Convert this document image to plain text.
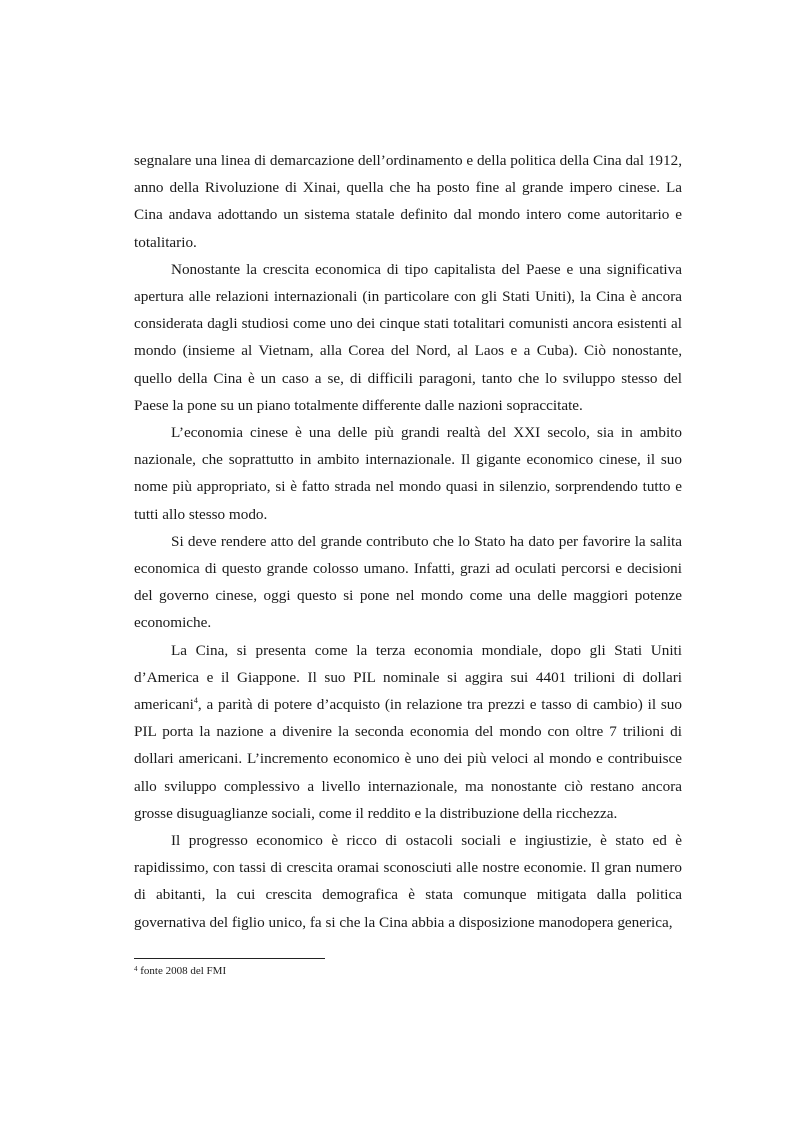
segnalare una linea di demarcazione dell’ordinamento e della politica della Cina dal 1912, anno della Rivoluzione di Xinai, quella che ha posto fine al grande impero cinese. La Cina andava adottando un sistema statale definito dal mondo intero come autoritario e totalitario.

Nonostante la crescita economica di tipo capitalista del Paese e una significativa apertura alle relazioni internazionali (in particolare con gli Stati Uniti), la Cina è ancora considerata dagli studiosi come uno dei cinque stati totalitari comunisti ancora esistenti al mondo (insieme al Vietnam, alla Corea del Nord, al Laos e a Cuba). Ciò nonostante, quello della Cina è un caso a se, di difficili paragoni, tanto che lo sviluppo stesso del Paese la pone su un piano totalmente differente dalle nazioni sopraccitate.

L’economia cinese è una delle più grandi realtà del XXI secolo, sia in ambito nazionale, che soprattutto in ambito internazionale. Il gigante economico cinese, il suo nome più appropriato, si è fatto strada nel mondo quasi in silenzio, sorprendendo tutto e tutti allo stesso modo.

Si deve rendere atto del grande contributo che lo Stato ha dato per favorire la salita economica di questo grande colosso umano. Infatti, grazi ad oculati percorsi e decisioni del governo cinese, oggi questo si pone nel mondo come una delle maggiori potenze economiche.

La Cina, si presenta come la terza economia mondiale, dopo gli Stati Uniti d’America e il Giappone. Il suo PIL nominale si aggira sui 4401 trilioni di dollari americani$^4$, a parità di potere d’acquisto (in relazione tra prezzi e tasso di cambio) il suo PIL porta la nazione a divenire la seconda economia del mondo con oltre 7 trilioni di dollari americani. L’incremento economico è uno dei più veloci al mondo e contribuisce allo sviluppo complessivo a livello internazionale, ma nonostante ciò restano ancora grosse disuguaglianze sociali, come il reddito e la distribuzione della ricchezza.

Il progresso economico è ricco di ostacoli sociali e ingiustizie, è stato ed è rapidissimo, con tassi di crescita oramai sconosciuti alle nostre economie. Il gran numero di abitanti, la cui crescita demografica è stata comunque mitigata dalla politica governativa del figlio unico, fa si che la Cina abbia a disposizione manodopera generica,

$^4$ fonte 2008 del FMI
